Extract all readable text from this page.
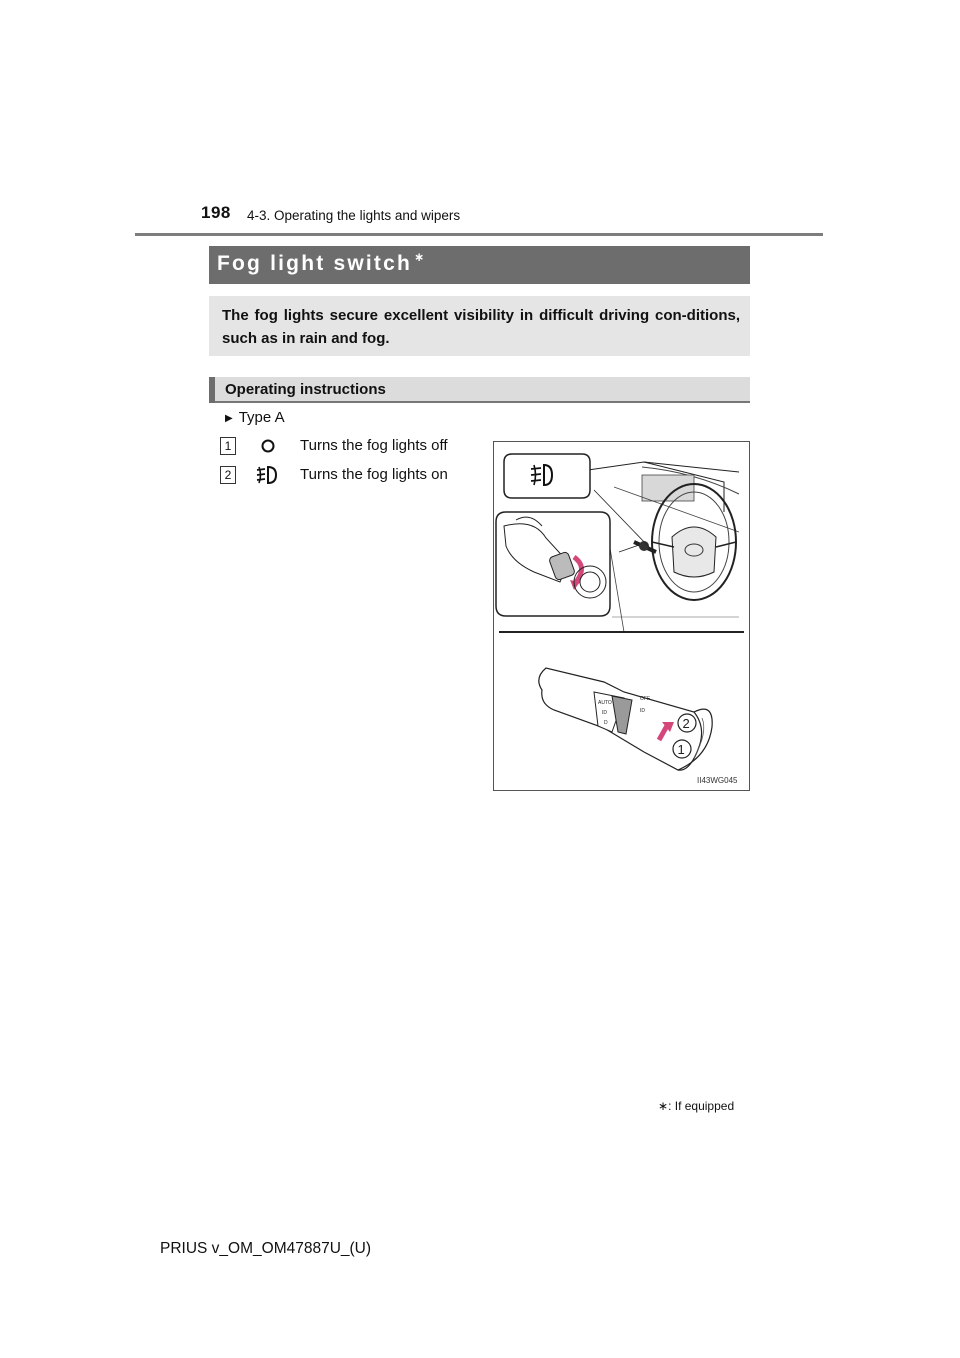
198 4-3. Operating the lights and wipers
Fog light switch ∗
The fog lights secure excellent visibility in difficult driving con-ditions, such as in rain and fog.
Operating instructions
▶ Type A
1	Turns the fog lights off
2	Turns the fog lights on
AUTO
ID
D
OFF
ID
2
1
II43WG045
∗: If equipped
PRIUS v_OM_OM47887U_(U)
